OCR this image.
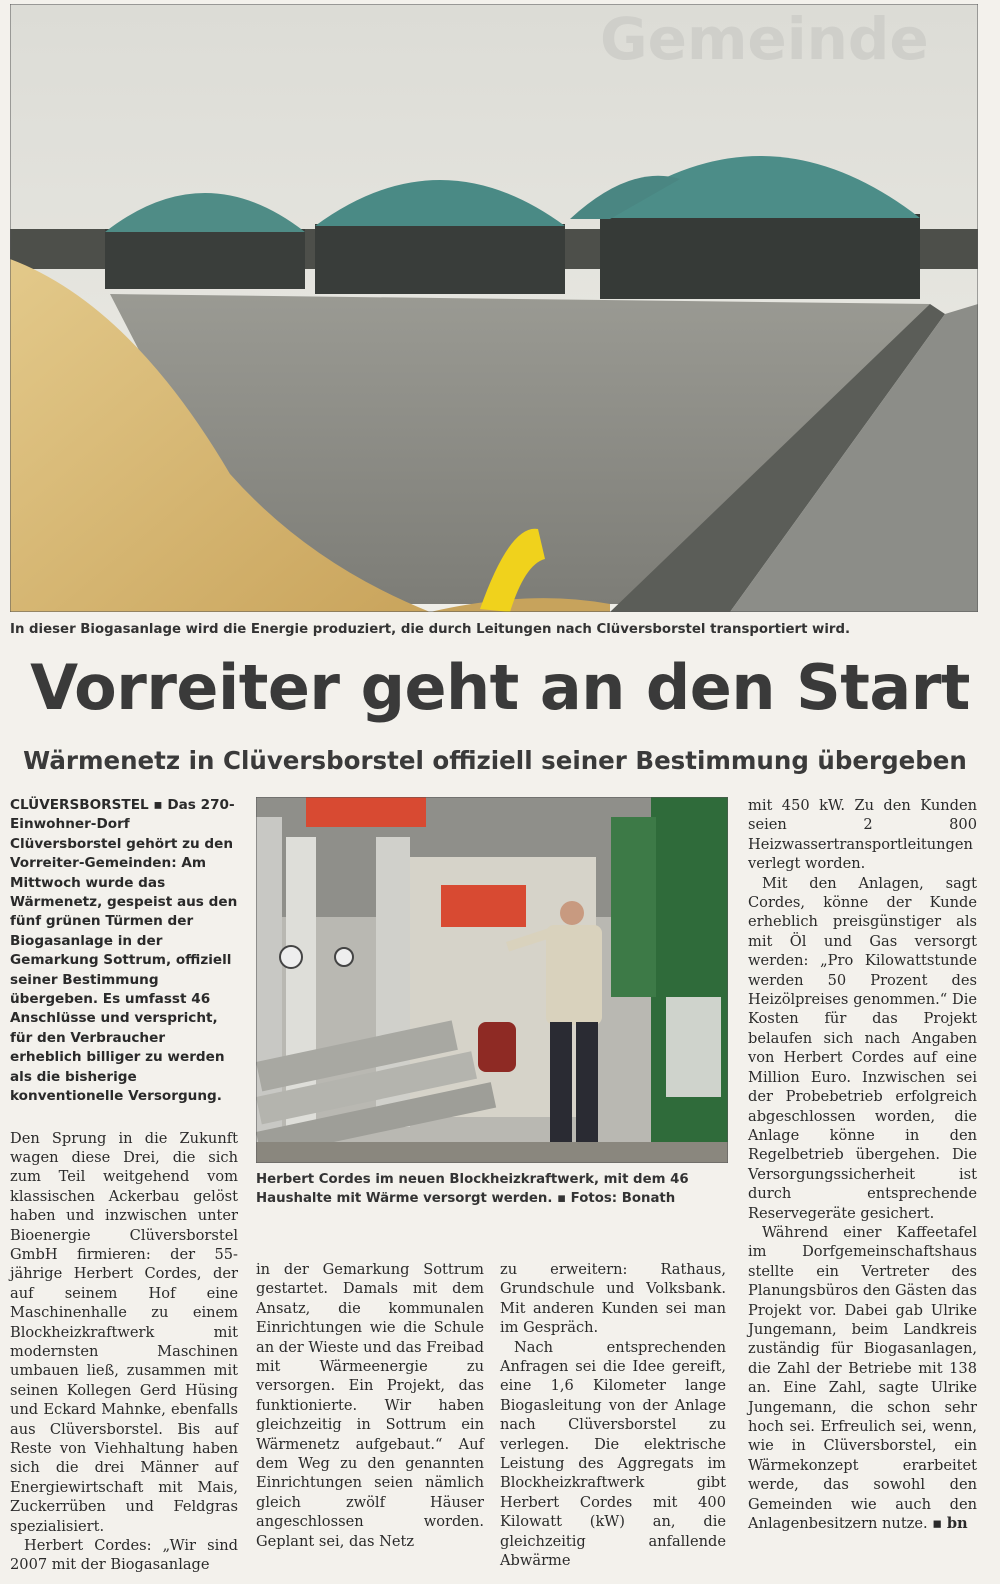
Gemeinde
In dieser Biogasanlage wird die Energie produziert, die durch Leitungen nach Clüversborstel transportiert wird.
Vorreiter geht an den Start
Wärmenetz in Clüversborstel offiziell seiner Bestimmung übergeben

CLÜVERSBORSTEL ▪ Das 270-Einwohner-Dorf Clüversborstel gehört zu den Vorreiter-Gemeinden: Am Mittwoch wurde das Wärmenetz, gespeist aus den fünf grünen Türmen der Biogasanlage in der Gemarkung Sottrum, offiziell seiner Bestimmung übergeben. Es umfasst 46 Anschlüsse und verspricht, für den Verbraucher erheblich billiger zu werden als die bisherige konventionelle Versorgung.

Den Sprung in die Zukunft wagen diese Drei, die sich zum Teil weitgehend vom klassischen Ackerbau gelöst haben und inzwischen unter Bioenergie Clüversborstel GmbH firmieren: der 55-jährige Herbert Cordes, der auf seinem Hof eine Maschinenhalle zu einem Blockheizkraftwerk mit modernsten Maschinen umbauen ließ, zusammen mit seinen Kollegen Gerd Hüsing und Eckard Mahnke, ebenfalls aus Clüversborstel. Bis auf Reste von Viehhaltung haben sich die drei Männer auf Energiewirtschaft mit Mais, Zuckerrüben und Feldgras spezialisiert.

Herbert Cordes: „Wir sind 2007 mit der Biogasanlage

Herbert Cordes im neuen Blockheizkraftwerk, mit dem 46 Haushalte mit Wärme versorgt werden. ▪ Fotos: Bonath

in der Gemarkung Sottrum gestartet. Damals mit dem Ansatz, die kommunalen Einrichtungen wie die Schule an der Wieste und das Freibad mit Wärmeenergie zu versorgen. Ein Projekt, das funktionierte. Wir haben gleichzeitig in Sottrum ein Wärmenetz aufgebaut.“ Auf dem Weg zu den genannten Einrichtungen seien nämlich gleich zwölf Häuser angeschlossen worden. Geplant sei, das Netz

zu erweitern: Rathaus, Grundschule und Volksbank. Mit anderen Kunden sei man im Gespräch.

Nach entsprechenden Anfragen sei die Idee gereift, eine 1,6 Kilometer lange Biogasleitung von der Anlage nach Clüversborstel zu verlegen. Die elektrische Leistung des Aggregats im Blockheizkraftwerk gibt Herbert Cordes mit 400 Kilowatt (kW) an, die gleichzeitig anfallende Abwärme

mit 450 kW. Zu den Kunden seien 2 800 Heizwassertransportleitungen verlegt worden.

Mit den Anlagen, sagt Cordes, könne der Kunde erheblich preisgünstiger als mit Öl und Gas versorgt werden: „Pro Kilowattstunde werden 50 Prozent des Heizölpreises genommen.“ Die Kosten für das Projekt belaufen sich nach Angaben von Herbert Cordes auf eine Million Euro. Inzwischen sei der Probebetrieb erfolgreich abgeschlossen worden, die Anlage könne in den Regelbetrieb übergehen. Die Versorgungssicherheit ist durch entsprechende Reservegeräte gesichert.

Während einer Kaffeetafel im Dorfgemeinschaftshaus stellte ein Vertreter des Planungsbüros den Gästen das Projekt vor. Dabei gab Ulrike Jungemann, beim Landkreis zuständig für Biogasanlagen, die Zahl der Betriebe mit 138 an. Eine Zahl, sagte Ulrike Jungemann, die schon sehr hoch sei. Erfreulich sei, wenn, wie in Clüversborstel, ein Wärmekonzept erarbeitet werde, das sowohl den Gemeinden wie auch den Anlagenbesitzern nutze. ▪ bn
